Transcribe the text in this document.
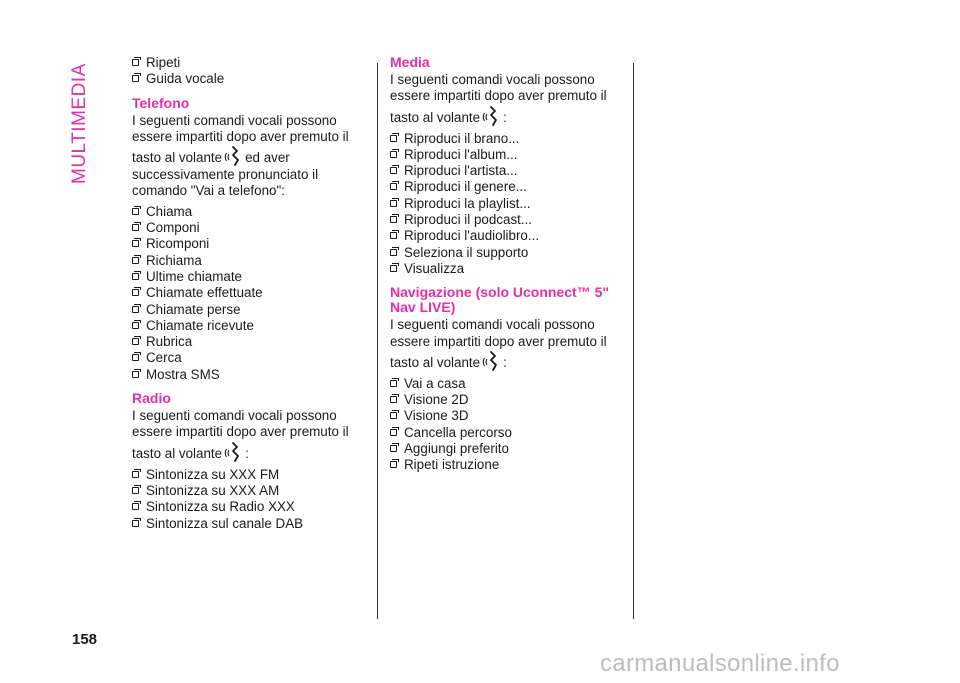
MULTIMEDIA
Ripeti
Guida vocale
Telefono

I seguenti comandi vocali possono essere impartiti dopo aver premuto il tasto al volante ed aver successivamente pronunciato il comando "Vai a telefono":

Chiama
Componi
Ricomponi
Richiama
Ultime chiamate
Chiamate effettuate
Chiamate perse
Chiamate ricevute
Rubrica
Cerca
Mostra SMS
Radio

I seguenti comandi vocali possono essere impartiti dopo aver premuto il tasto al volante :

Sintonizza su XXX FM
Sintonizza su XXX AM
Sintonizza su Radio XXX
Sintonizza sul canale DAB
Media

I seguenti comandi vocali possono essere impartiti dopo aver premuto il tasto al volante :

Riproduci il brano...
Riproduci l'album...
Riproduci l'artista...
Riproduci il genere...
Riproduci la playlist...
Riproduci il podcast...
Riproduci l'audiolibro...
Seleziona il supporto
Visualizza
Navigazione (solo Uconnect™ 5" Nav LIVE)

I seguenti comandi vocali possono essere impartiti dopo aver premuto il tasto al volante :

Vai a casa
Visione 2D
Visione 3D
Cancella percorso
Aggiungi preferito
Ripeti istruzione
158
carmanualsonline.info
